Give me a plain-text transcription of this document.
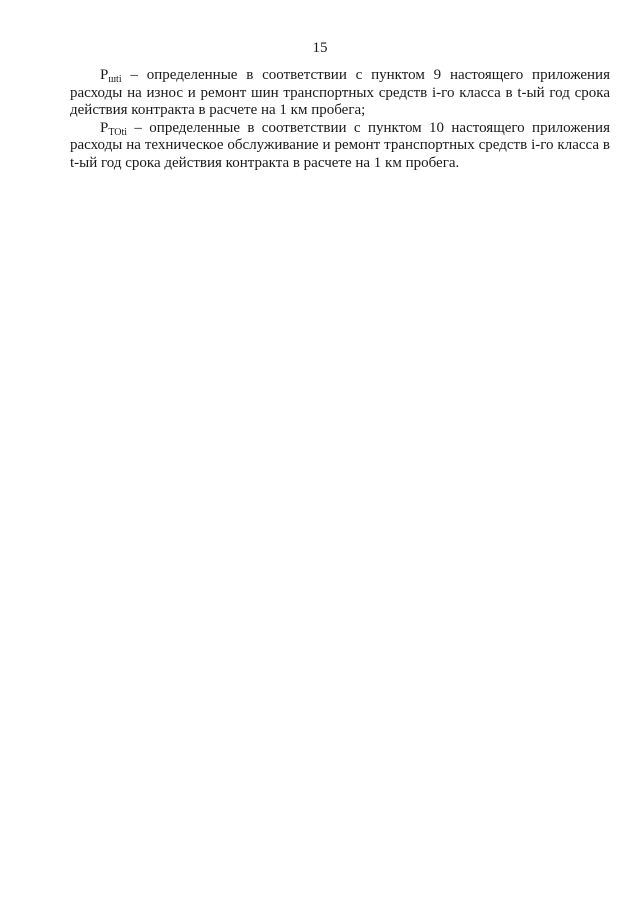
15

$P_{шti}$ – определенные в соответствии с пунктом 9 настоящего приложения расходы на износ и ремонт шин транспортных средств i-го класса в t-ый год срока действия контракта в расчете на 1 км пробега;

$P_{TOti}$ – определенные в соответствии с пунктом 10 настоящего приложения расходы на техническое обслуживание и ремонт транспортных средств i-го класса в t-ый год срока действия контракта в расчете на 1 км пробега.
